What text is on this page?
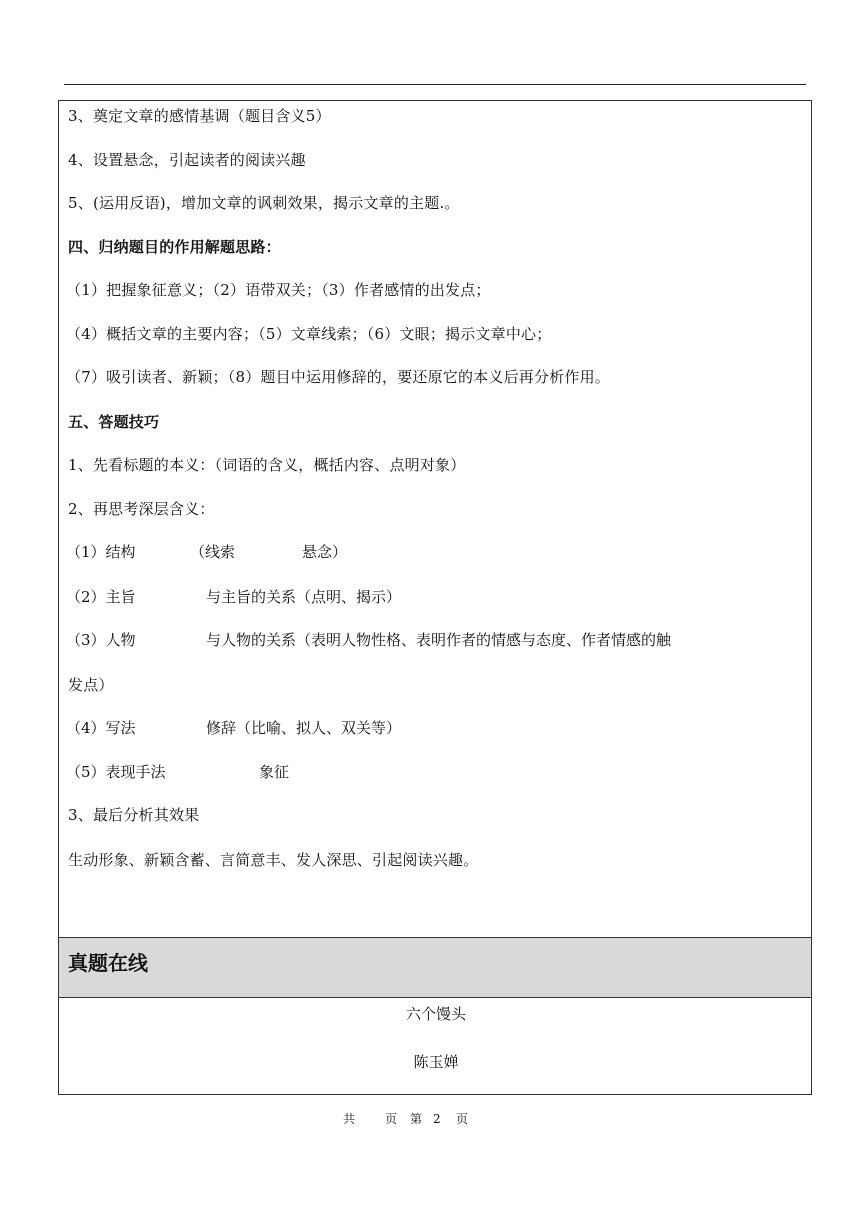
3、奠定文章的感情基调（题目含义5）
4、设置悬念，引起读者的阅读兴趣
5、(运用反语)，增加文章的讽刺效果，揭示文章的主题.。
四、归纳题目的作用解题思路：
（1）把握象征意义；（2）语带双关；（3）作者感情的出发点；
（4）概括文章的主要内容；（5）文章线索；（6）文眼；揭示文章中心；
（7）吸引读者、新颖；（8）题目中运用修辞的，要还原它的本义后再分析作用。
五、答题技巧
1、先看标题的本义：（词语的含义，概括内容、点明对象）
2、再思考深层含义：
（1）结构	（线索	悬念）
（2）主旨	与主旨的关系（点明、揭示）
（3）人物	与人物的关系（表明人物性格、表明作者的情感与态度、作者情感的触
发点）
（4）写法	修辞（比喻、拟人、双关等）
（5）表现手法	象征
3、最后分析其效果
生动形象、新颖含蓄、言简意丰、发人深思、引起阅读兴趣。
真题在线
六个馒头
陈玉婵
共 页 第 2 页
